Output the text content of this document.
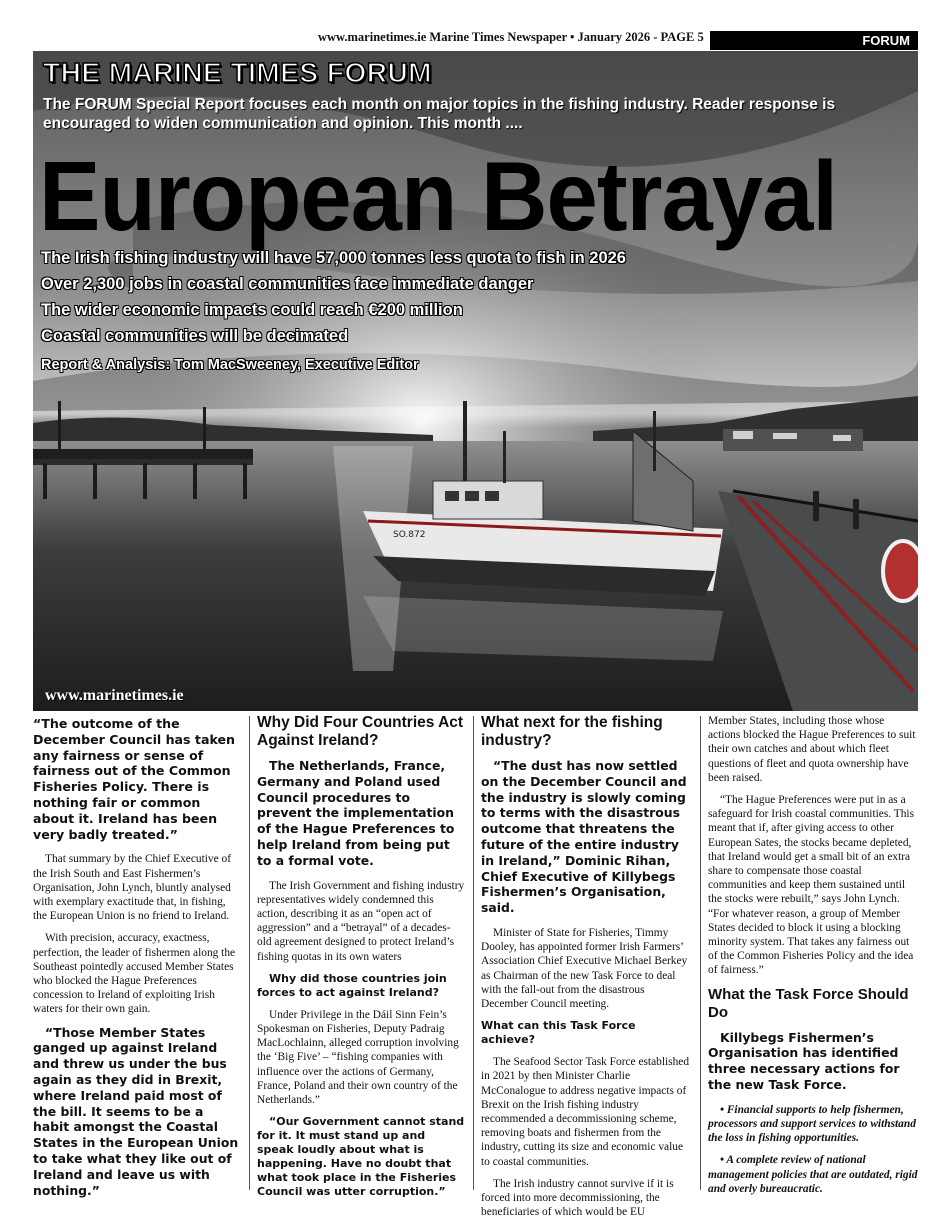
www.marinetimes.ie Marine Times Newspaper • January 2026 - PAGE 5	FORUM
SO.872
THE MARINE TIMES FORUM
The FORUM Special Report focuses each month on major topics in the fishing industry. Reader response is encouraged to widen communication and opinion. This month ....
European Betrayal
The Irish fishing industry will have 57,000 tonnes less quota to fish in 2026
Over 2,300 jobs in coastal communities face immediate danger
The wider economic impacts could reach €200 million
Coastal communities will be decimated
Report & Analysis: Tom MacSweeney, Executive Editor
www.marinetimes.ie
“The outcome of the December Council has taken any fairness or sense of fairness out of the Common Fisheries Policy. There is nothing fair or common about it. Ireland has been very badly treated.”

That summary by the Chief Executive of the Irish South and East Fishermen’s Organisation, John Lynch, bluntly analysed with exemplary exactitude that, in fishing, the European Union is no friend to Ireland.

With precision, accuracy, exactness, perfection, the leader of fishermen along the Southeast pointedly accused Member States who blocked the Hague Preferences concession to Ireland of exploiting Irish waters for their own gain.

“Those Member States ganged up against Ireland and threw us under the bus again as they did in Brexit, where Ireland paid most of the bill. It seems to be a habit amongst the Coastal States in the European Union to take what they like out of Ireland and leave us with nothing.”
Why Did Four Countries Act Against Ireland?
The Netherlands, France, Germany and Poland used Council procedures to prevent the implementation of the Hague Preferences to help Ireland from being put to a formal vote.

The Irish Government and fishing industry representatives widely condemned this action, describing it as an “open act of aggression” and a “betrayal” of a decades-old agreement designed to protect Ireland’s fishing quotas in its own waters

Why did those countries join forces to act against Ireland?

Under Privilege in the Dáil Sinn Fein’s Spokesman on Fisheries, Deputy Padraig MacLochlainn, alleged corruption involving the ‘Big Five’ – “fishing companies with influence over the actions of Germany, France, Poland and their own country of the Netherlands.”

“Our Government cannot stand for it. It must stand up and speak loudly about what is happening. Have no doubt that what took place in the Fisheries Council was utter corruption.”
What next for the fishing industry?
“The dust has now settled on the December Council and the industry is slowly coming to terms with the disastrous outcome that threatens the future of the entire industry in Ireland,” Dominic Rihan, Chief Executive of Killybegs Fishermen’s Organisation, said.

Minister of State for Fisheries, Timmy Dooley, has appointed former Irish Farmers’ Association Chief Executive Michael Berkey as Chairman of the new Task Force to deal with the fall-out from the disastrous December Council meeting.

What can this Task Force achieve?

The Seafood Sector Task Force established in 2021 by then Minister Charlie McConalogue to address negative impacts of Brexit on the Irish fishing industry recommended a decommissioning scheme, removing boats and fishermen from the industry, cutting its size and economic value to coastal communities.

The Irish industry cannot survive if it is forced into more decommissioning, the beneficiaries of which would be EU

Member States, including those whose actions blocked the Hague Preferences to suit their own catches and about which fleet questions of fleet and quota ownership have been raised.

“The Hague Preferences were put in as a safeguard for Irish coastal communities. This meant that if, after giving access to other European Sates, the stocks became depleted, that Ireland would get a small bit of an extra share to compensate those coastal communities and keep them sustained until the stocks were rebuilt,” says John Lynch. “For whatever reason, a group of Member States decided to block it using a blocking minority system. That takes any fairness out of the Common Fisheries Policy and the idea of fairness.”

What the Task Force Should Do
Killybegs Fishermen’s Organisation has identified three necessary actions for the new Task Force.

• Financial supports to help fishermen, processors and support services to withstand the loss in fishing opportunities.

• A complete review of national management policies that are outdated, rigid and overly bureaucratic.
